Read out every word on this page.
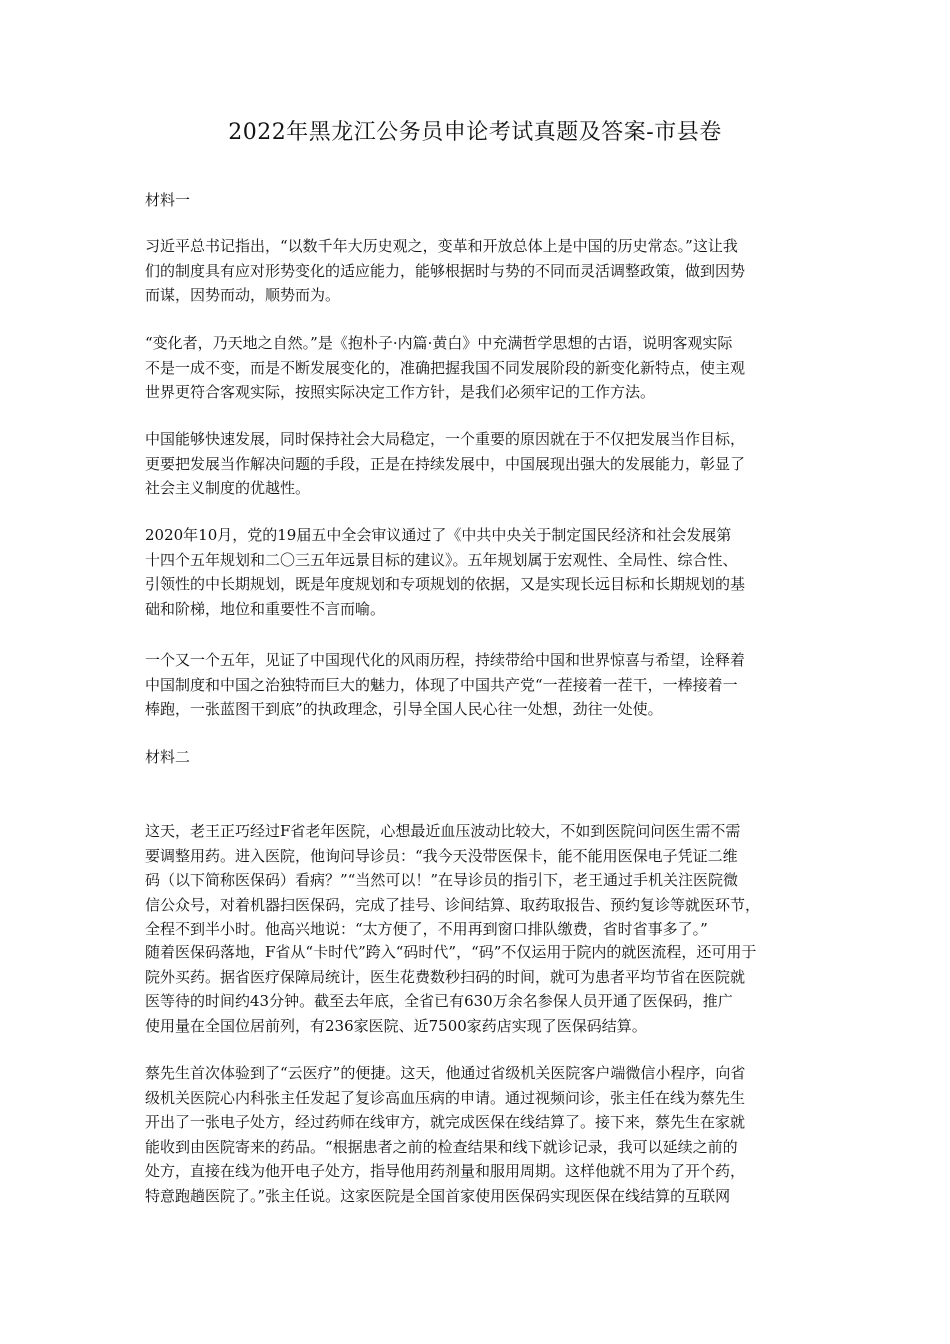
2022年黑龙江公务员申论考试真题及答案-市县卷
材料一
习近平总书记指出，“以数千年大历史观之，变革和开放总体上是中国的历史常态。”这让我
们的制度具有应对形势变化的适应能力，能够根据时与势的不同而灵活调整政策，做到因势
而谋，因势而动，顺势而为。
“变化者，乃天地之自然。”是《抱朴子·内篇·黄白》中充满哲学思想的古语，说明客观实际
不是一成不变，而是不断发展变化的，准确把握我国不同发展阶段的新变化新特点，使主观
世界更符合客观实际，按照实际决定工作方针，是我们必须牢记的工作方法。
中国能够快速发展，同时保持社会大局稳定，一个重要的原因就在于不仅把发展当作目标，
更要把发展当作解决问题的手段，正是在持续发展中，中国展现出强大的发展能力，彰显了
社会主义制度的优越性。
2020年10月，党的19届五中全会审议通过了《中共中央关于制定国民经济和社会发展第
十四个五年规划和二〇三五年远景目标的建议》。五年规划属于宏观性、全局性、综合性、
引领性的中长期规划，既是年度规划和专项规划的依据，又是实现长远目标和长期规划的基
础和阶梯，地位和重要性不言而喻。
一个又一个五年，见证了中国现代化的风雨历程，持续带给中国和世界惊喜与希望，诠释着
中国制度和中国之治独特而巨大的魅力，体现了中国共产党“一茬接着一茬干，一棒接着一
棒跑，一张蓝图干到底”的执政理念，引导全国人民心往一处想，劲往一处使。
材料二
这天，老王正巧经过F省老年医院，心想最近血压波动比较大，不如到医院问问医生需不需
要调整用药。进入医院，他询问导诊员：“我今天没带医保卡，能不能用医保电子凭证二维
码（以下简称医保码）看病？”“当然可以！”在导诊员的指引下，老王通过手机关注医院微
信公众号，对着机器扫医保码，完成了挂号、诊间结算、取药取报告、预约复诊等就医环节，
全程不到半小时。他高兴地说：“太方便了，不用再到窗口排队缴费，省时省事多了。”
随着医保码落地，F省从“卡时代”跨入“码时代”，“码”不仅运用于院内的就医流程，还可用于
院外买药。据省医疗保障局统计，医生花费数秒扫码的时间，就可为患者平均节省在医院就
医等待的时间约43分钟。截至去年底，全省已有630万余名参保人员开通了医保码，推广
使用量在全国位居前列，有236家医院、近7500家药店实现了医保码结算。
蔡先生首次体验到了“云医疗”的便捷。这天，他通过省级机关医院客户端微信小程序，向省
级机关医院心内科张主任发起了复诊高血压病的申请。通过视频问诊，张主任在线为蔡先生
开出了一张电子处方，经过药师在线审方，就完成医保在线结算了。接下来，蔡先生在家就
能收到由医院寄来的药品。“根据患者之前的检查结果和线下就诊记录，我可以延续之前的
处方，直接在线为他开电子处方，指导他用药剂量和服用周期。这样他就不用为了开个药，
特意跑趟医院了。”张主任说。这家医院是全国首家使用医保码实现医保在线结算的互联网
